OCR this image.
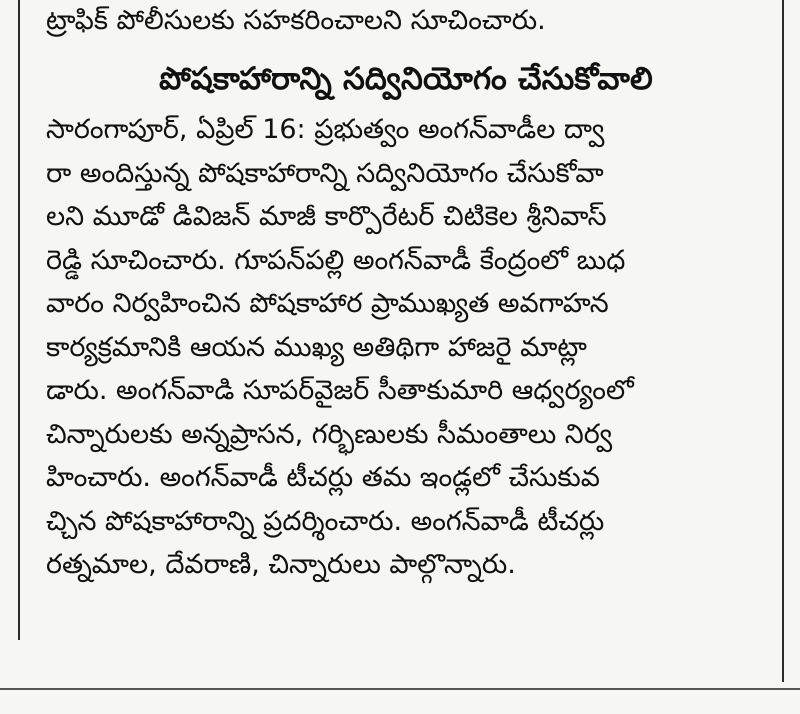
ట్రాఫిక్ పోలీసులకు సహకరించాలని సూచించారు.

పోషకాహారాన్ని సద్వినియోగం చేసుకోవాలి

సారంగాపూర్, ఏప్రిల్ 16: ప్రభుత్వం అంగన్‌వాడీల ద్వా

రా అందిస్తున్న పోషకాహారాన్ని సద్వినియోగం చేసుకోవా

లని మూడో డివిజన్ మాజీ కార్పొరేటర్ చిటికెల శ్రీనివాస్

రెడ్డి సూచించారు. గూపన్‌పల్లి అంగన్‌వాడీ కేంద్రంలో బుధ

వారం నిర్వహించిన పోషకాహార ప్రాముఖ్యత అవగాహన

కార్యక్రమానికి ఆయన ముఖ్య అతిథిగా హాజరై మాట్లా

డారు. అంగన్‌వాడి సూపర్‌వైజర్ సీతాకుమారి ఆధ్వర్యంలో

చిన్నారులకు అన్నప్రాసన, గర్భిణులకు సీమంతాలు నిర్వ

హించారు. అంగన్‌వాడీ టీచర్లు తమ ఇండ్లలో చేసుకువ

చ్చిన పోషకాహారాన్ని ప్రదర్శించారు. అంగన్‌వాడీ టీచర్లు

రత్నమాల, దేవరాణి, చిన్నారులు పాల్గొన్నారు.
